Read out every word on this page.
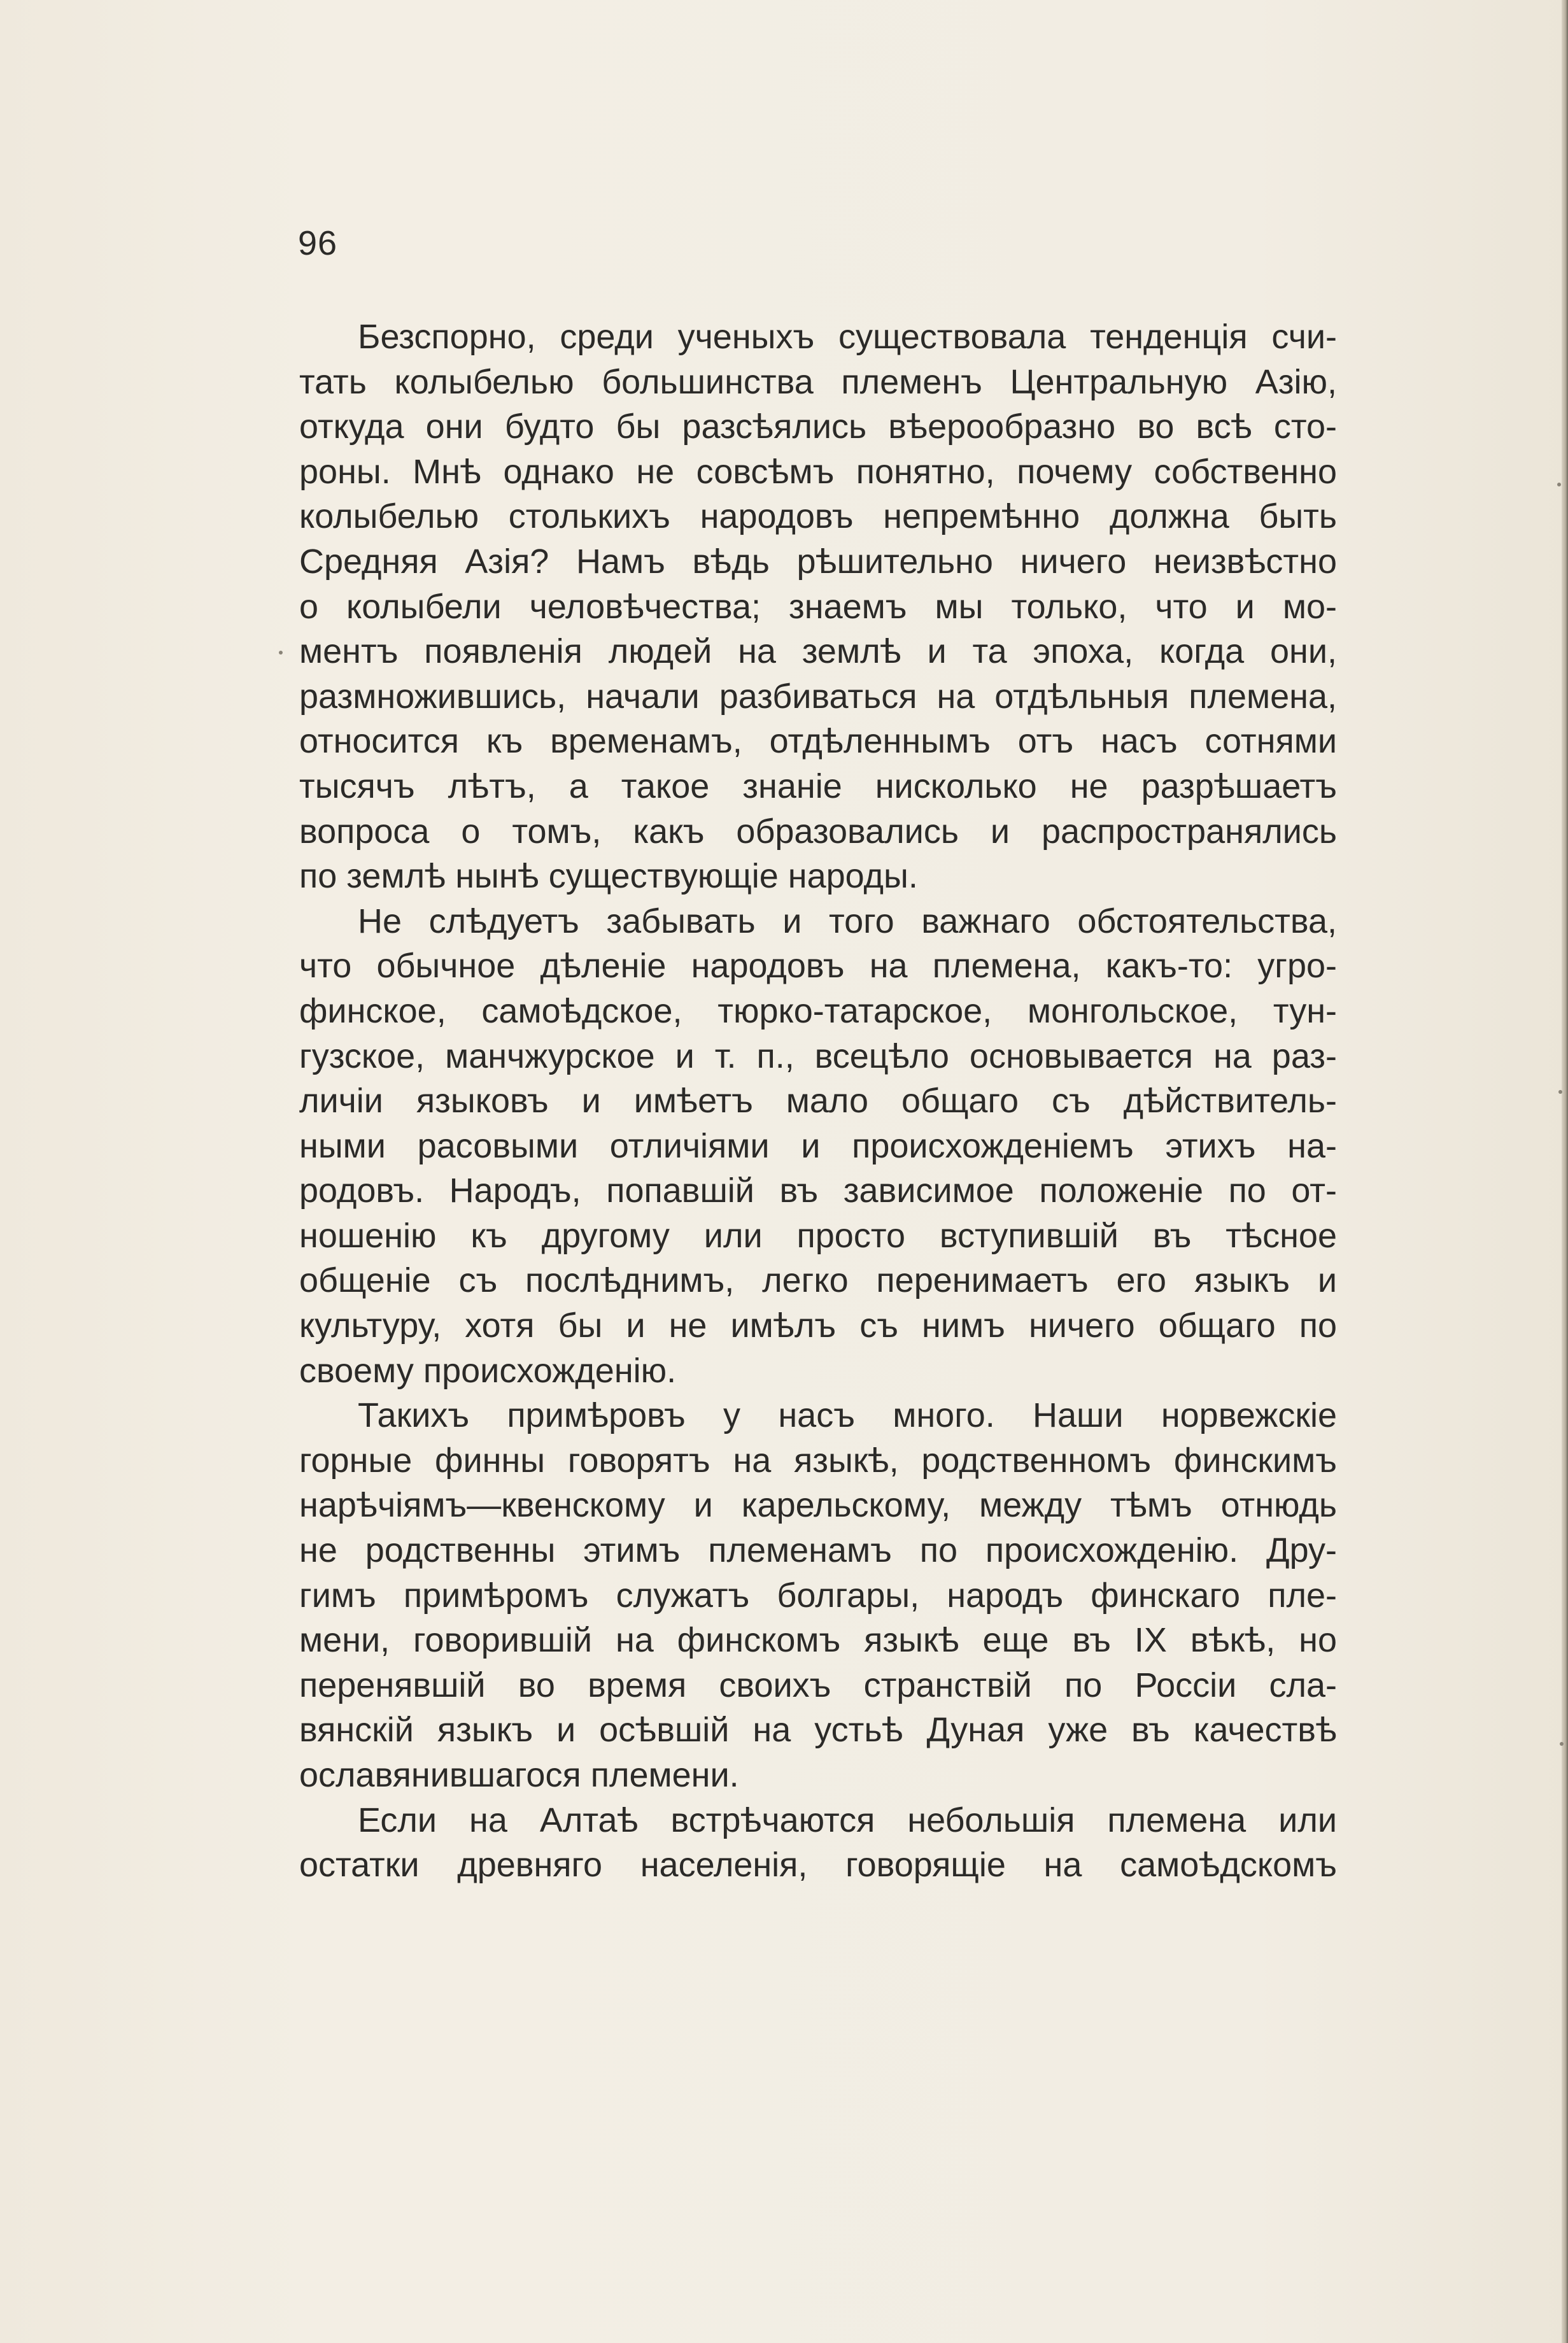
96
Безспорно, среди ученыхъ существовала тенденція счи-
тать колыбелью большинства племенъ Центральную Азію,
откуда они будто бы разсѣялись вѣерообразно во всѣ сто-
роны. Мнѣ однако не совсѣмъ понятно, почему собственно
колыбелью столькихъ народовъ непремѣнно должна быть
Средняя Азія? Намъ вѣдь рѣшительно ничего неизвѣстно
о колыбели человѣчества; знаемъ мы только, что и мо-
ментъ появленія людей на землѣ и та эпоха, когда они,
размножившись, начали разбиваться на отдѣльныя племена,
относится къ временамъ, отдѣленнымъ отъ насъ сотнями
тысячъ лѣтъ, а такое знаніе нисколько не разрѣшаетъ
вопроса о томъ, какъ образовались и распространялись
по землѣ нынѣ существующіе народы.
Не слѣдуетъ забывать и того важнаго обстоятельства,
что обычное дѣленіе народовъ на племена, какъ-то: угро-
финское, самоѣдское, тюрко-татарское, монгольское, тун-
гузское, манчжурское и т. п., всецѣло основывается на раз-
личіи языковъ и имѣетъ мало общаго съ дѣйствитель-
ными расовыми отличіями и происхожденіемъ этихъ на-
родовъ. Народъ, попавшій въ зависимое положеніе по от-
ношенію къ другому или просто вступившій въ тѣсное
общеніе съ послѣднимъ, легко перенимаетъ его языкъ и
культуру, хотя бы и не имѣлъ съ нимъ ничего общаго по
своему происхожденію.
Такихъ примѣровъ у насъ много. Наши норвежскіе
горные финны говорятъ на языкѣ, родственномъ финскимъ
нарѣчіямъ—квенскому и карельскому, между тѣмъ отнюдь
не родственны этимъ племенамъ по происхожденію. Дру-
гимъ примѣромъ служатъ болгары, народъ финскаго пле-
мени, говорившій на финскомъ языкѣ еще въ IX вѣкѣ, но
перенявшій во время своихъ странствій по Россіи сла-
вянскій языкъ и осѣвшій на устьѣ Дуная уже въ качествѣ
ославянившагося племени.
Если на Алтаѣ встрѣчаются небольшія племена или
остатки древняго населенія, говорящіе на самоѣдскомъ
